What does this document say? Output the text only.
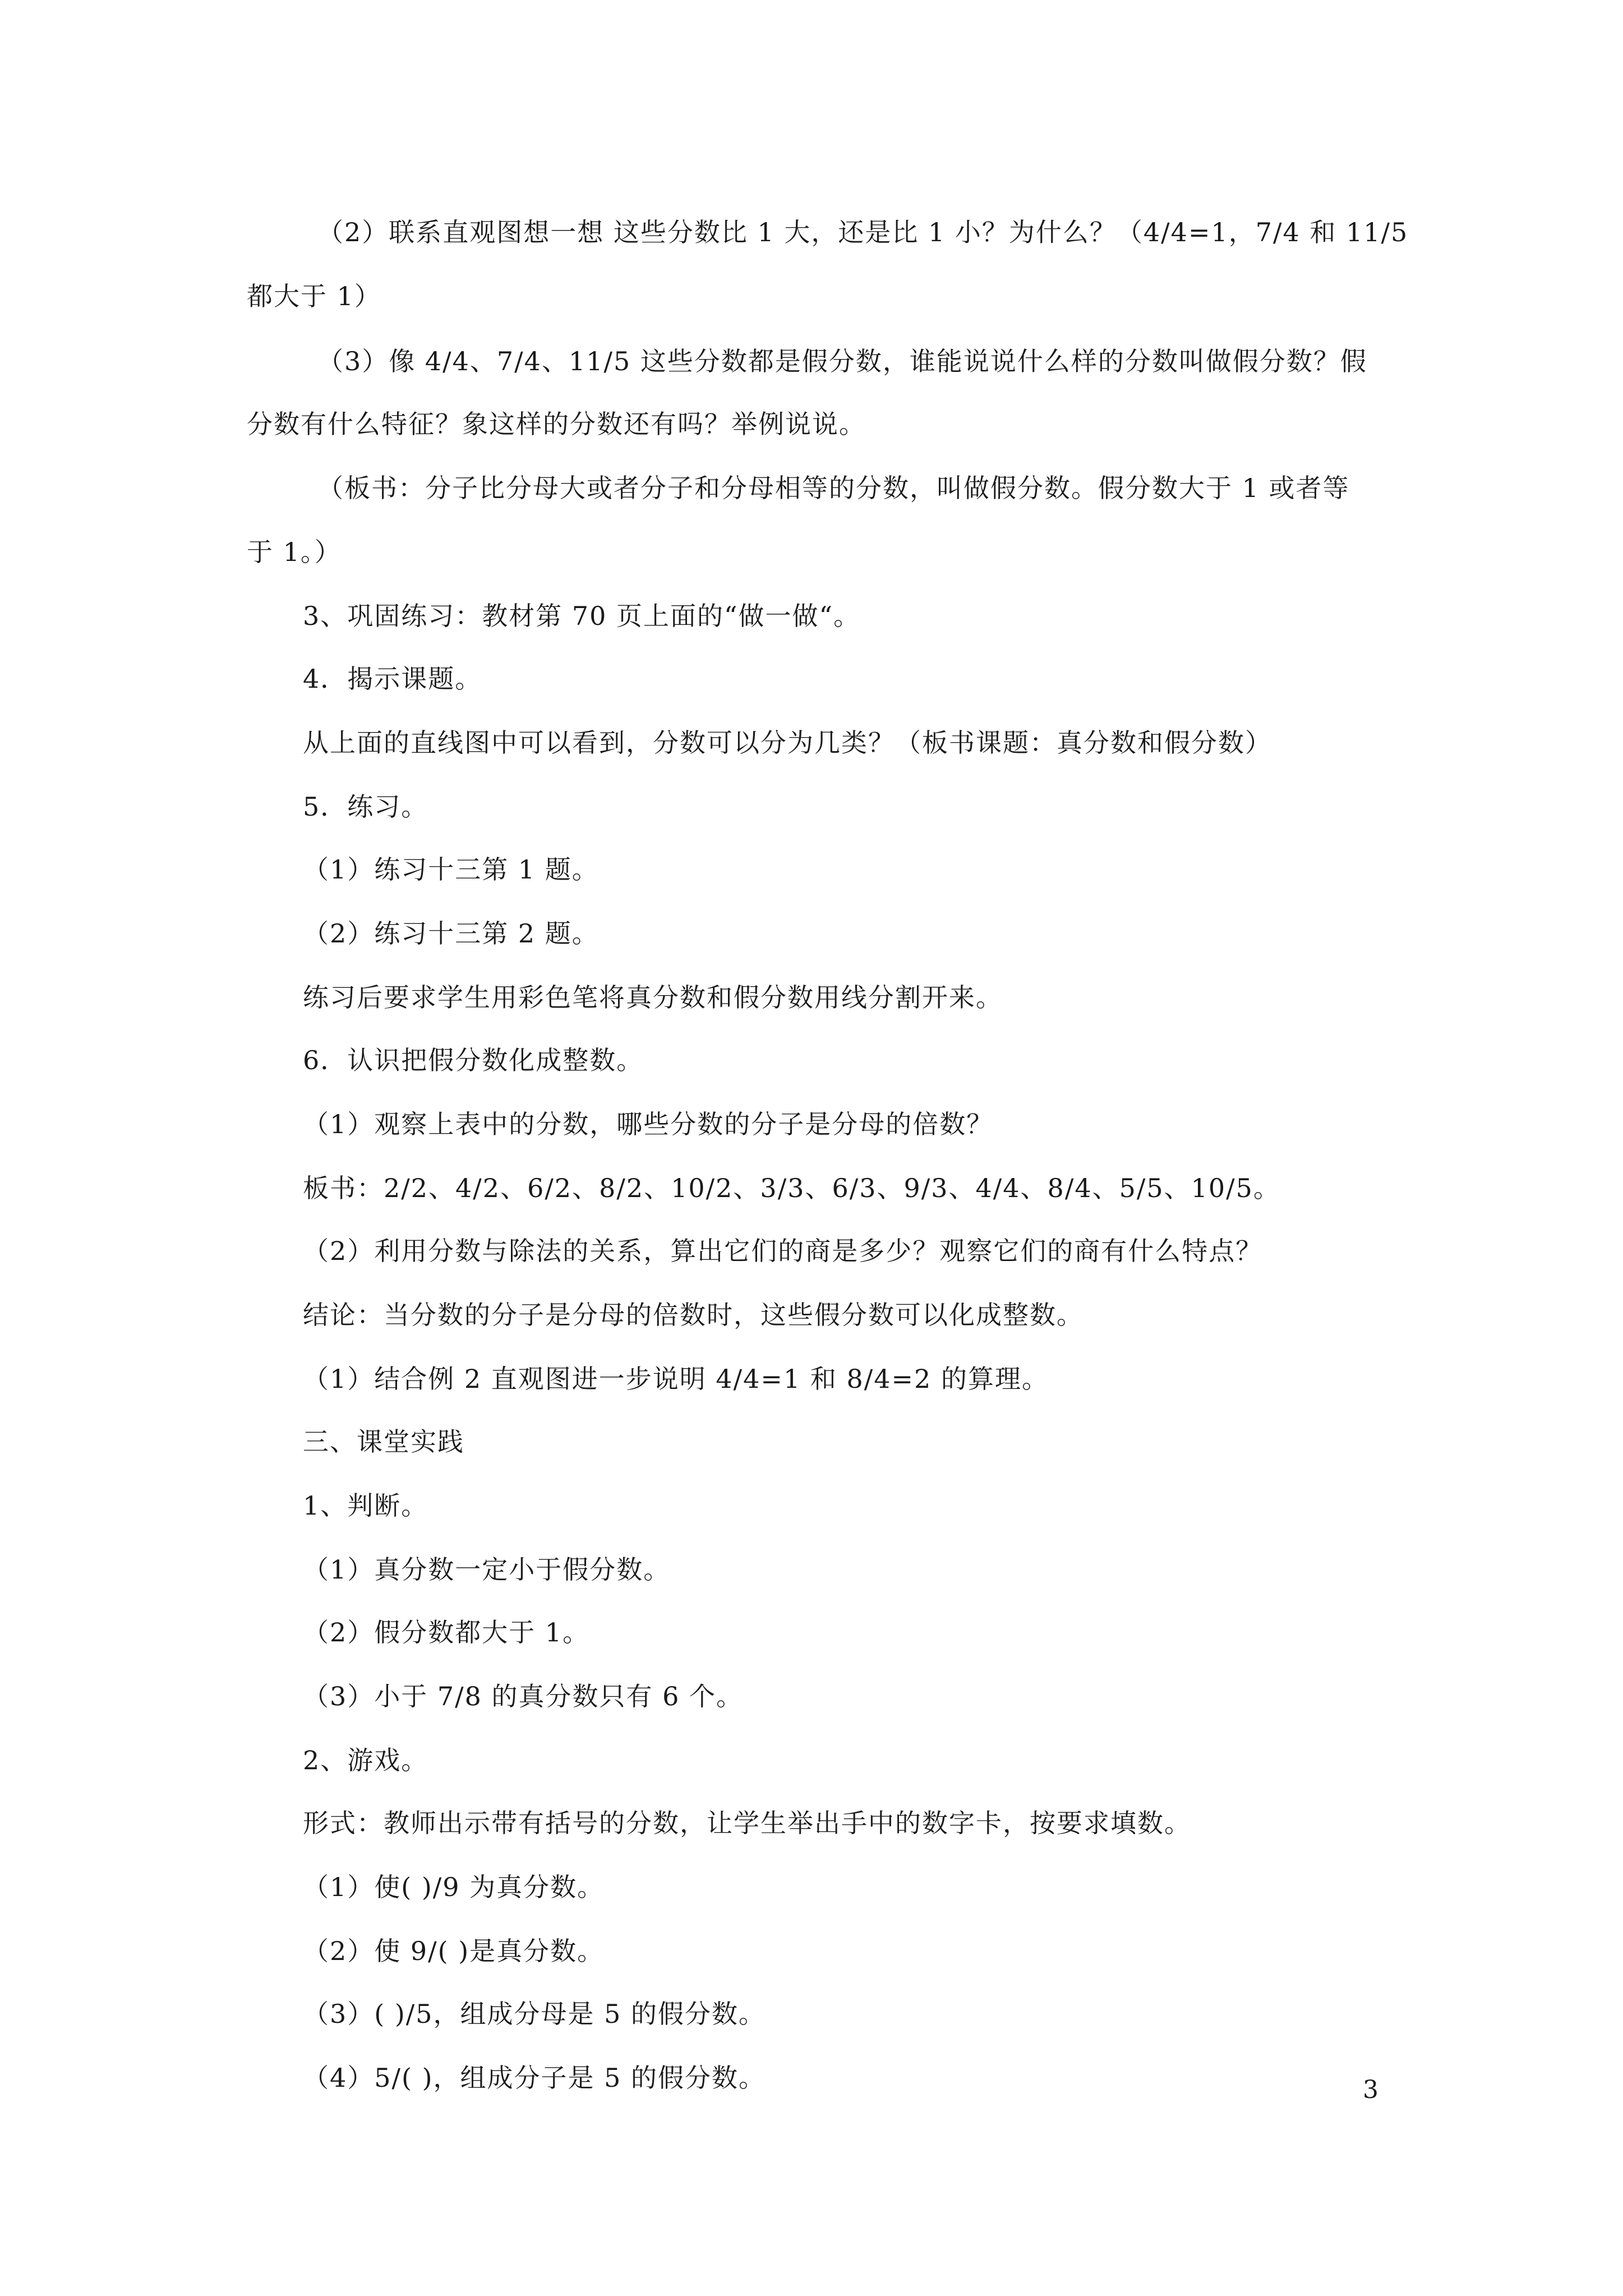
（2）联系直观图想一想 这些分数比 1 大，还是比 1 小？为什么？（4/4=1，7/4 和 11/5
都大于 1）
（3）像 4/4、7/4、11/5 这些分数都是假分数，谁能说说什么样的分数叫做假分数？假
分数有什么特征？象这样的分数还有吗？举例说说。
（板书：分子比分母大或者分子和分母相等的分数，叫做假分数。假分数大于 1 或者等
于 1。）
3、巩固练习：教材第 70 页上面的“做一做“。
4．揭示课题。
从上面的直线图中可以看到，分数可以分为几类？（板书课题：真分数和假分数）
5．练习。
（1）练习十三第 1 题。
（2）练习十三第 2 题。
练习后要求学生用彩色笔将真分数和假分数用线分割开来。
6．认识把假分数化成整数。
（1）观察上表中的分数，哪些分数的分子是分母的倍数？
板书：2/2、4/2、6/2、8/2、10/2、3/3、6/3、9/3、4/4、8/4、5/5、10/5。
（2）利用分数与除法的关系，算出它们的商是多少？观察它们的商有什么特点？
结论：当分数的分子是分母的倍数时，这些假分数可以化成整数。
（1）结合例 2 直观图进一步说明 4/4=1 和 8/4=2 的算理。
三、课堂实践
1、判断。
（1）真分数一定小于假分数。
（2）假分数都大于 1。
（3）小于 7/8 的真分数只有 6 个。
2、游戏。
形式：教师出示带有括号的分数，让学生举出手中的数字卡，按要求填数。
（1）使( )/9 为真分数。
（2）使 9/( )是真分数。
（3）( )/5，组成分母是 5 的假分数。
（4）5/( )，组成分子是 5 的假分数。	3
